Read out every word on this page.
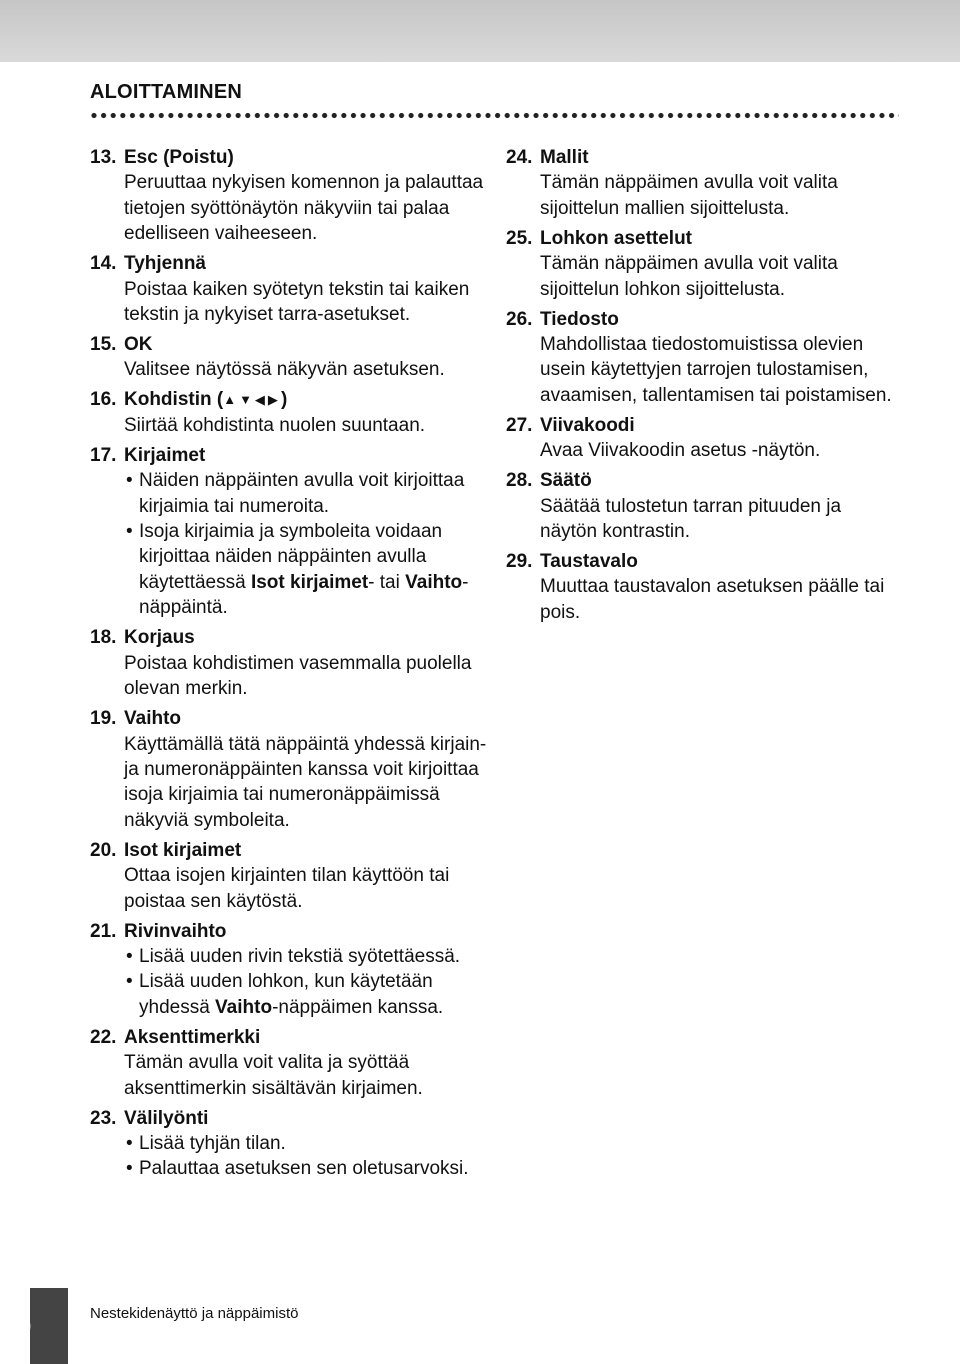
ALOITTAMINEN
13. Esc (Poistu)
Peruuttaa nykyisen komennon ja palauttaa tietojen syöttönäytön näkyviin tai palaa edelliseen vaiheeseen.
14. Tyhjennä
Poistaa kaiken syötetyn tekstin tai kaiken tekstin ja nykyiset tarra-asetukset.
15. OK
Valitsee näytössä näkyvän asetuksen.
16. Kohdistin (▲▼◀▶)
Siirtää kohdistinta nuolen suuntaan.
17. Kirjaimet
• Näiden näppäinten avulla voit kirjoittaa kirjaimia tai numeroita.
• Isoja kirjaimia ja symboleita voidaan kirjoittaa näiden näppäinten avulla käytettäessä Isot kirjaimet- tai Vaihto-näppäintä.
18. Korjaus
Poistaa kohdistimen vasemmalla puolella olevan merkin.
19. Vaihto
Käyttämällä tätä näppäintä yhdessä kirjain- ja numeronäppäinten kanssa voit kirjoittaa isoja kirjaimia tai numeronäppäimissä näkyviä symboleita.
20. Isot kirjaimet
Ottaa isojen kirjainten tilan käyttöön tai poistaa sen käytöstä.
21. Rivinvaihto
• Lisää uuden rivin tekstiä syötettäessä.
• Lisää uuden lohkon, kun käytetään yhdessä Vaihto-näppäimen kanssa.
22. Aksenttimerkki
Tämän avulla voit valita ja syöttää aksenttimerkin sisältävän kirjaimen.
23. Välilyönti
• Lisää tyhjän tilan.
• Palauttaa asetuksen sen oletusarvoksi.
24. Mallit
Tämän näppäimen avulla voit valita sijoittelun mallien sijoittelusta.
25. Lohkon asettelut
Tämän näppäimen avulla voit valita sijoittelun lohkon sijoittelusta.
26. Tiedosto
Mahdollistaa tiedostomuistissa olevien usein käytettyjen tarrojen tulostamisen, avaamisen, tallentamisen tai poistamisen.
27. Viivakoodi
Avaa Viivakoodin asetus -näytön.
28. Säätö
Säätää tulostetun tarran pituuden ja näytön kontrastin.
29. Taustavalo
Muuttaa taustavalon asetuksen päälle tai pois.
20
Nestekidenäyttö ja näppäimistö
